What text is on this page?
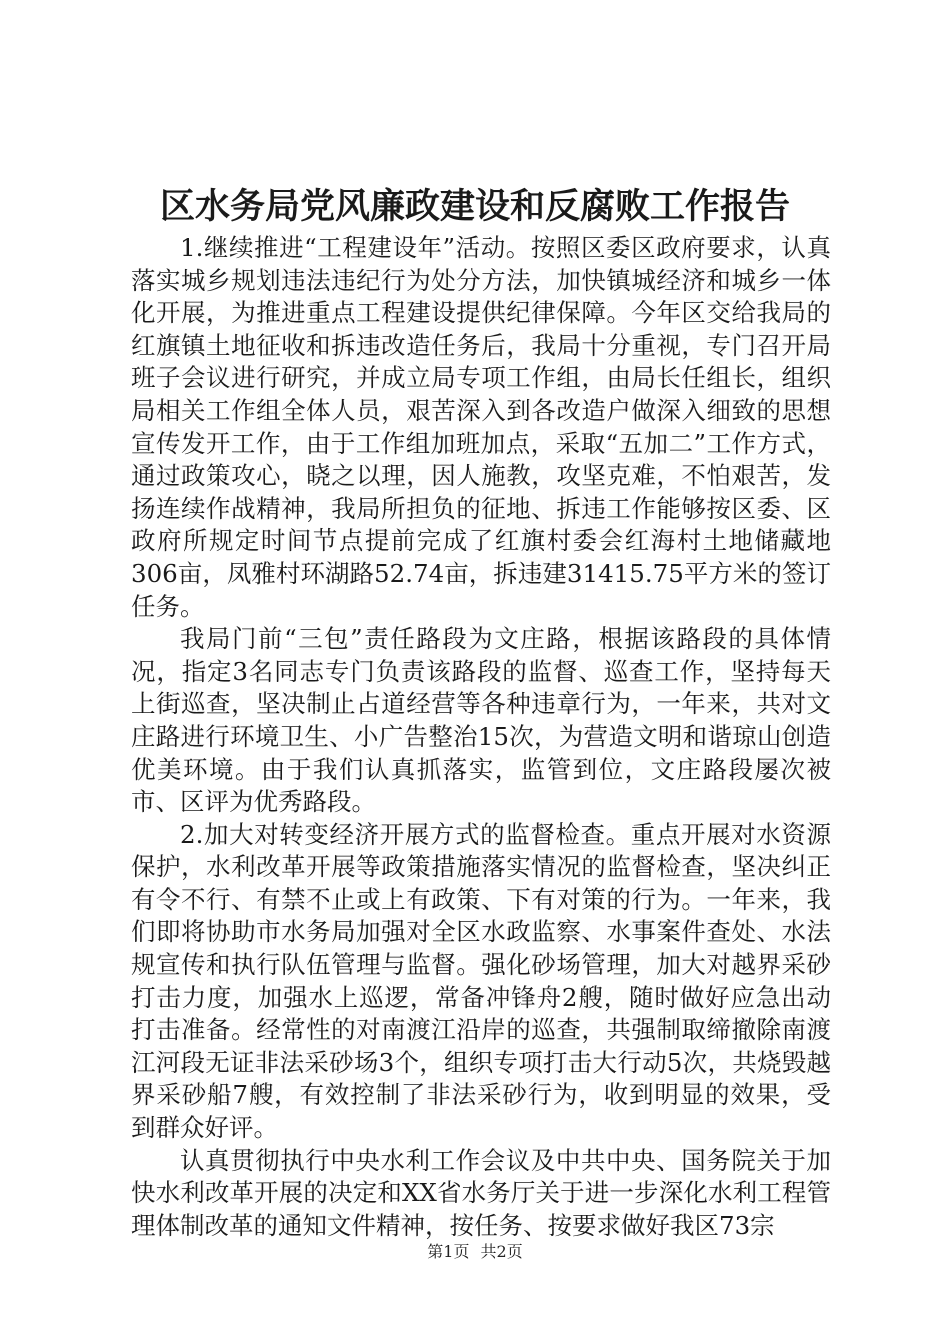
区水务局党风廉政建设和反腐败工作报告

1.继续推进“工程建设年”活动。按照区委区政府要求，认真落实城乡规划违法违纪行为处分方法，加快镇城经济和城乡一体化开展，为推进重点工程建设提供纪律保障。今年区交给我局的红旗镇土地征收和拆违改造任务后，我局十分重视，专门召开局班子会议进行研究，并成立局专项工作组，由局长任组长，组织局相关工作组全体人员，艰苦深入到各改造户做深入细致的思想宣传发开工作，由于工作组加班加点，采取“五加二”工作方式，通过政策攻心，晓之以理，因人施教，攻坚克难，不怕艰苦，发扬连续作战精神，我局所担负的征地、拆违工作能够按区委、区政府所规定时间节点提前完成了红旗村委会红海村土地储藏地306亩，凤雅村环湖路52.74亩，拆违建31415.75平方米的签订任务。

我局门前“三包”责任路段为文庄路，根据该路段的具体情况，指定3名同志专门负责该路段的监督、巡查工作，坚持每天上街巡查，坚决制止占道经营等各种违章行为，一年来，共对文庄路进行环境卫生、小广告整治15次，为营造文明和谐琼山创造优美环境。由于我们认真抓落实，监管到位，文庄路段屡次被市、区评为优秀路段。

2.加大对转变经济开展方式的监督检查。重点开展对水资源保护，水利改革开展等政策措施落实情况的监督检查，坚决纠正有令不行、有禁不止或上有政策、下有对策的行为。一年来，我们即将协助市水务局加强对全区水政监察、水事案件查处、水法规宣传和执行队伍管理与监督。强化砂场管理，加大对越界采砂打击力度，加强水上巡逻，常备冲锋舟2艘，随时做好应急出动打击准备。经常性的对南渡江沿岸的巡查，共强制取缔撤除南渡江河段无证非法采砂场3个，组织专项打击大行动5次，共烧毁越界采砂船7艘，有效控制了非法采砂行为，收到明显的效果，受到群众好评。

认真贯彻执行中央水利工作会议及中共中央、国务院关于加快水利改革开展的决定和XX省水务厅关于进一步深化水利工程管理体制改革的通知文件精神，按任务、按要求做好我区73宗

第1页 共2页
